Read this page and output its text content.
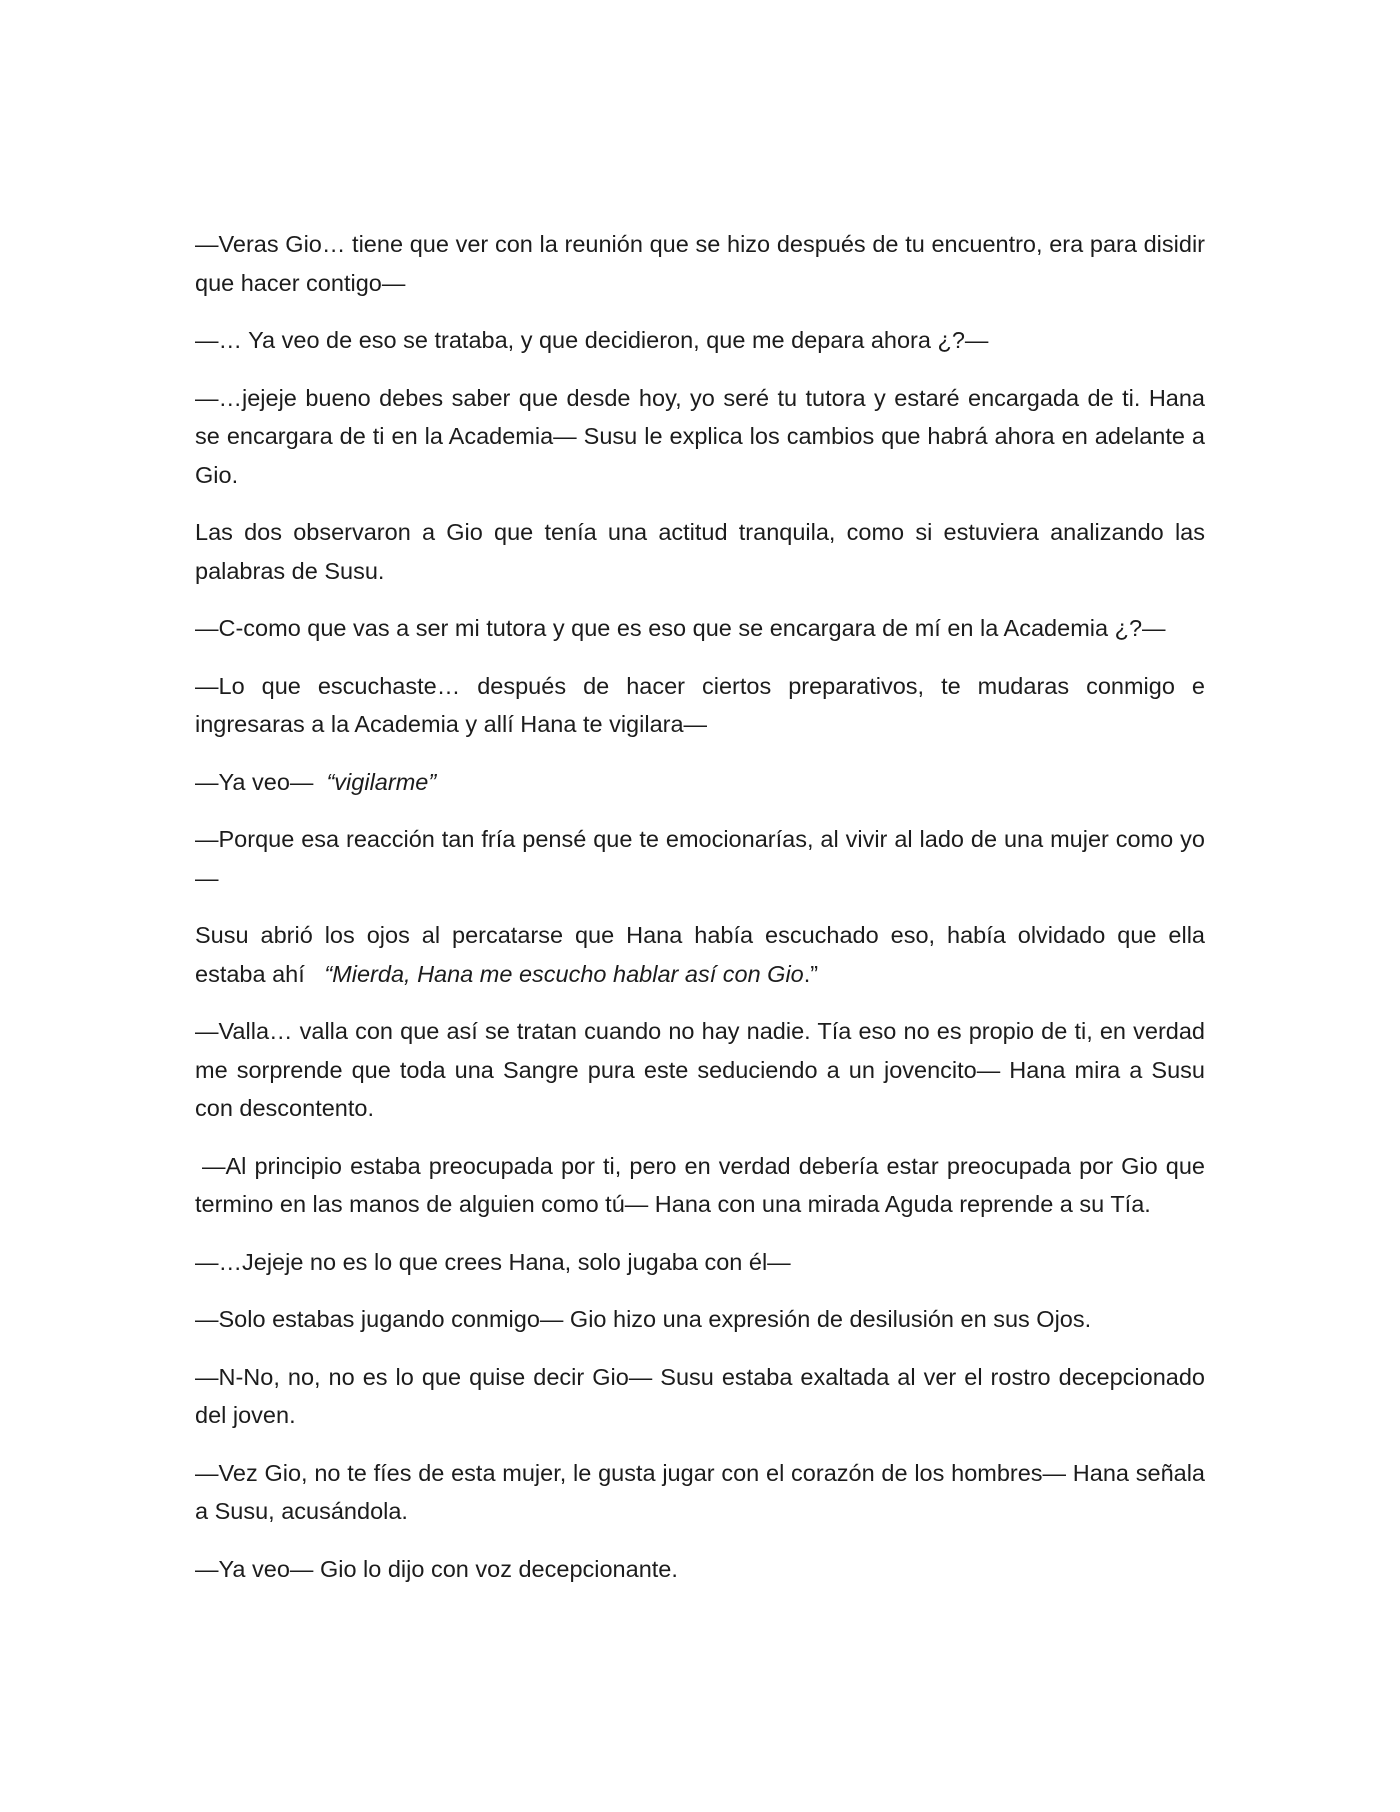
—Veras Gio… tiene que ver con la reunión que se hizo después de tu encuentro, era para disidir que hacer contigo—

—… Ya veo de eso se trataba, y que decidieron, que me depara ahora ¿?—

—…jejeje bueno debes saber que desde hoy, yo seré tu tutora y estaré encargada de ti. Hana se encargara de ti en la Academia— Susu le explica los cambios que habrá ahora en adelante a Gio.

Las dos observaron a Gio que tenía una actitud tranquila, como si estuviera analizando las palabras de Susu.

—C-como que vas a ser mi tutora y que es eso que se encargara de mí en la Academia ¿?—

—Lo que escuchaste… después de hacer ciertos preparativos, te mudaras conmigo e ingresaras a la Academia y allí Hana te vigilara—

—Ya veo— “vigilarme”

—Porque esa reacción tan fría pensé que te emocionarías, al vivir al lado de una mujer como yo—

Susu abrió los ojos al percatarse que Hana había escuchado eso, había olvidado que ella estaba ahí “Mierda, Hana me escucho hablar así con Gio.”

—Valla… valla con que así se tratan cuando no hay nadie. Tía eso no es propio de ti, en verdad me sorprende que toda una Sangre pura este seduciendo a un jovencito— Hana mira a Susu con descontento.

—Al principio estaba preocupada por ti, pero en verdad debería estar preocupada por Gio que termino en las manos de alguien como tú— Hana con una mirada Aguda reprende a su Tía.

—…Jejeje no es lo que crees Hana, solo jugaba con él—

—Solo estabas jugando conmigo— Gio hizo una expresión de desilusión en sus Ojos.

—N-No, no, no es lo que quise decir Gio— Susu estaba exaltada al ver el rostro decepcionado del joven.

—Vez Gio, no te fíes de esta mujer, le gusta jugar con el corazón de los hombres— Hana señala a Susu, acusándola.

—Ya veo— Gio lo dijo con voz decepcionante.
